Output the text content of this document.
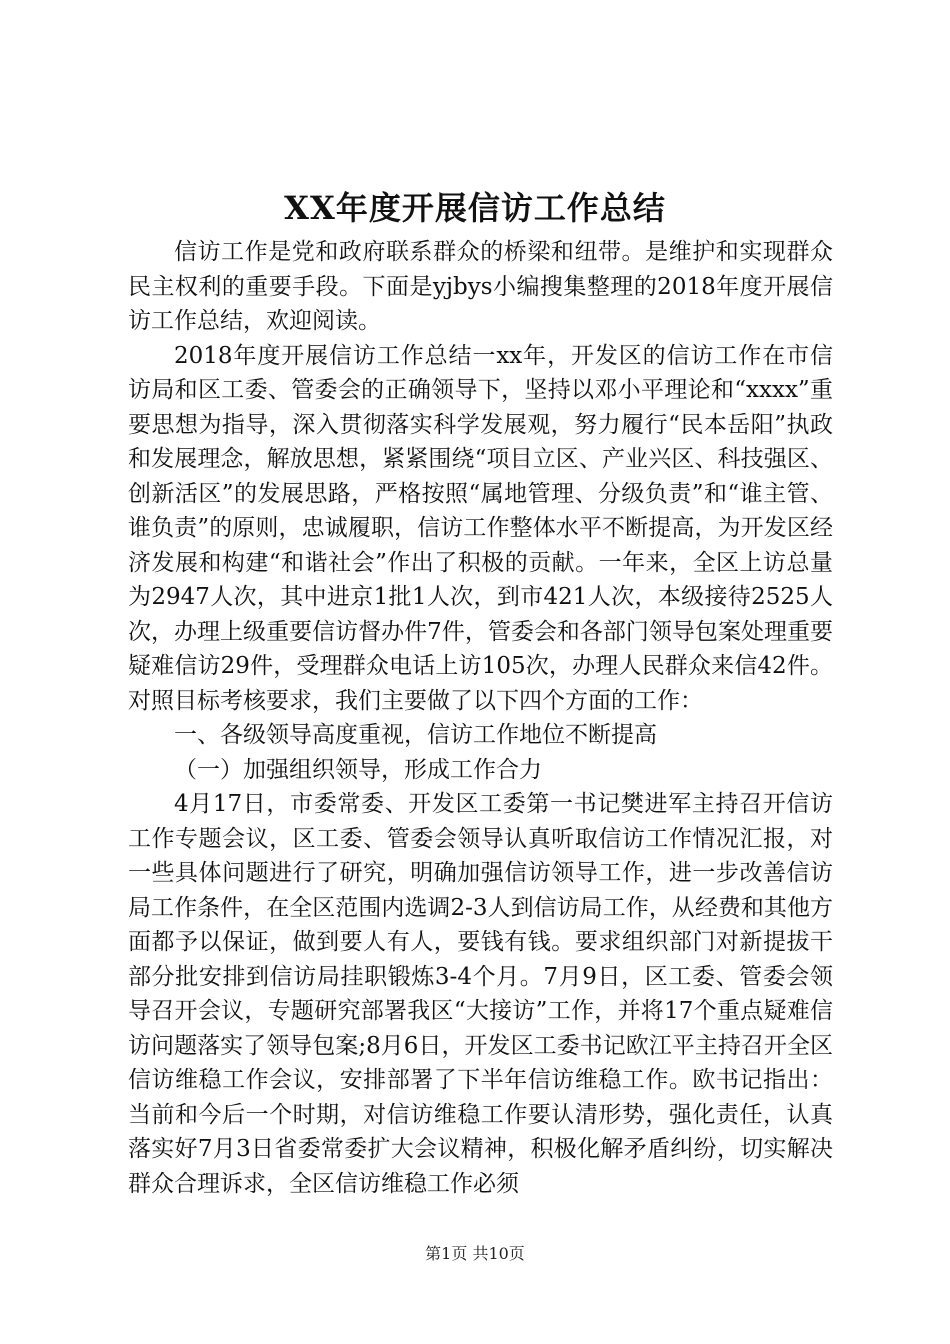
XX年度开展信访工作总结

信访工作是党和政府联系群众的桥梁和纽带。是维护和实现群众民主权利的重要手段。下面是yjbys小编搜集整理的2018年度开展信访工作总结，欢迎阅读。

2018年度开展信访工作总结一xx年，开发区的信访工作在市信访局和区工委、管委会的正确领导下，坚持以邓小平理论和“xxxx”重要思想为指导，深入贯彻落实科学发展观，努力履行“民本岳阳”执政和发展理念，解放思想，紧紧围绕“项目立区、产业兴区、科技强区、创新活区”的发展思路，严格按照“属地管理、分级负责”和“谁主管、谁负责”的原则，忠诚履职，信访工作整体水平不断提高，为开发区经济发展和构建“和谐社会”作出了积极的贡献。一年来，全区上访总量为2947人次，其中进京1批1人次，到市421人次，本级接待2525人次，办理上级重要信访督办件7件，管委会和各部门领导包案处理重要疑难信访29件，受理群众电话上访105次，办理人民群众来信42件。对照目标考核要求，我们主要做了以下四个方面的工作：

一、各级领导高度重视，信访工作地位不断提高

（一）加强组织领导，形成工作合力

4月17日，市委常委、开发区工委第一书记樊进军主持召开信访工作专题会议，区工委、管委会领导认真听取信访工作情况汇报，对一些具体问题进行了研究，明确加强信访领导工作，进一步改善信访局工作条件，在全区范围内选调2-3人到信访局工作，从经费和其他方面都予以保证，做到要人有人，要钱有钱。要求组织部门对新提拔干部分批安排到信访局挂职锻炼3-4个月。7月9日，区工委、管委会领导召开会议，专题研究部署我区“大接访”工作，并将17个重点疑难信访问题落实了领导包案;8月6日，开发区工委书记欧江平主持召开全区信访维稳工作会议，安排部署了下半年信访维稳工作。欧书记指出：当前和今后一个时期，对信访维稳工作要认清形势，强化责任，认真落实好7月3日省委常委扩大会议精神，积极化解矛盾纠纷，切实解决群众合理诉求，全区信访维稳工作必须

第1页 共10页
